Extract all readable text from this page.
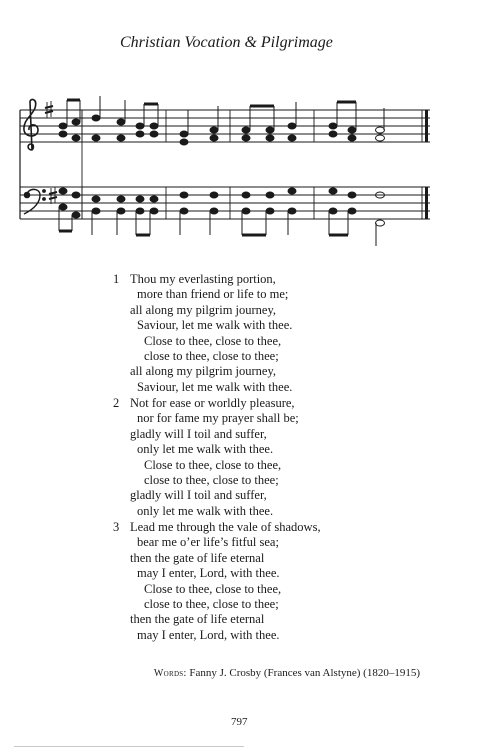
Christian Vocation & Pilgrimage
1 Thou my everlasting portion,
more than friend or life to me;
all along my pilgrim journey,
Saviour, let me walk with thee.
Close to thee, close to thee,
close to thee, close to thee;
all along my pilgrim journey,
Saviour, let me walk with thee.
2 Not for ease or worldly pleasure,
nor for fame my prayer shall be;
gladly will I toil and suffer,
only let me walk with thee.
Close to thee, close to thee,
close to thee, close to thee;
gladly will I toil and suffer,
only let me walk with thee.
3 Lead me through the vale of shadows,
bear me o’er life’s fitful sea;
then the gate of life eternal
may I enter, Lord, with thee.
Close to thee, close to thee,
close to thee, close to thee;
then the gate of life eternal
may I enter, Lord, with thee.
Words: Fanny J. Crosby (Frances van Alstyne) (1820–1915)
797
